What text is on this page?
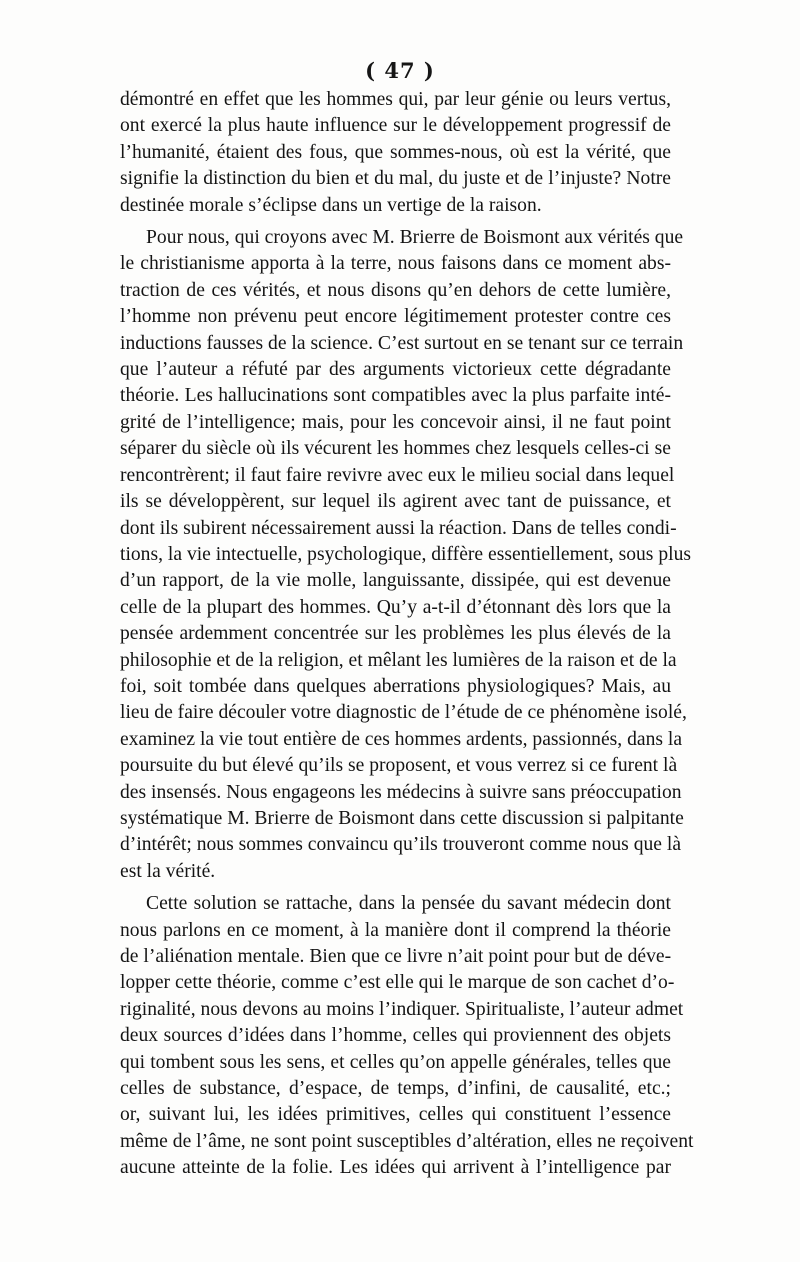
( 47 )
démontré en effet que les hommes qui, par leur génie ou leurs vertus,
ont exercé la plus haute influence sur le développement progressif de
l’humanité, étaient des fous, que sommes-nous, où est la vérité, que
signifie la distinction du bien et du mal, du juste et de l’injuste? Notre
destinée morale s’éclipse dans un vertige de la raison.
Pour nous, qui croyons avec M. Brierre de Boismont aux vérités que
le christianisme apporta à la terre, nous faisons dans ce moment abs-
traction de ces vérités, et nous disons qu’en dehors de cette lumière,
l’homme non prévenu peut encore légitimement protester contre ces
inductions fausses de la science. C’est surtout en se tenant sur ce terrain
que l’auteur a réfuté par des arguments victorieux cette dégradante
théorie. Les hallucinations sont compatibles avec la plus parfaite inté-
grité de l’intelligence; mais, pour les concevoir ainsi, il ne faut point
séparer du siècle où ils vécurent les hommes chez lesquels celles-ci se
rencontrèrent; il faut faire revivre avec eux le milieu social dans lequel
ils se développèrent, sur lequel ils agirent avec tant de puissance, et
dont ils subirent nécessairement aussi la réaction. Dans de telles condi-
tions, la vie intectuelle, psychologique, diffère essentiellement, sous plus
d’un rapport, de la vie molle, languissante, dissipée, qui est devenue
celle de la plupart des hommes. Qu’y a-t-il d’étonnant dès lors que la
pensée ardemment concentrée sur les problèmes les plus élevés de la
philosophie et de la religion, et mêlant les lumières de la raison et de la
foi, soit tombée dans quelques aberrations physiologiques? Mais, au
lieu de faire découler votre diagnostic de l’étude de ce phénomène isolé,
examinez la vie tout entière de ces hommes ardents, passionnés, dans la
poursuite du but élevé qu’ils se proposent, et vous verrez si ce furent là
des insensés. Nous engageons les médecins à suivre sans préoccupation
systématique M. Brierre de Boismont dans cette discussion si palpitante
d’intérêt; nous sommes convaincu qu’ils trouveront comme nous que là
est la vérité.
Cette solution se rattache, dans la pensée du savant médecin dont
nous parlons en ce moment, à la manière dont il comprend la théorie
de l’aliénation mentale. Bien que ce livre n’ait point pour but de déve-
lopper cette théorie, comme c’est elle qui le marque de son cachet d’o-
riginalité, nous devons au moins l’indiquer. Spiritualiste, l’auteur admet
deux sources d’idées dans l’homme, celles qui proviennent des objets
qui tombent sous les sens, et celles qu’on appelle générales, telles que
celles de substance, d’espace, de temps, d’infini, de causalité, etc.;
or, suivant lui, les idées primitives, celles qui constituent l’essence
même de l’âme, ne sont point susceptibles d’altération, elles ne reçoivent
aucune atteinte de la folie. Les idées qui arrivent à l’intelligence par
